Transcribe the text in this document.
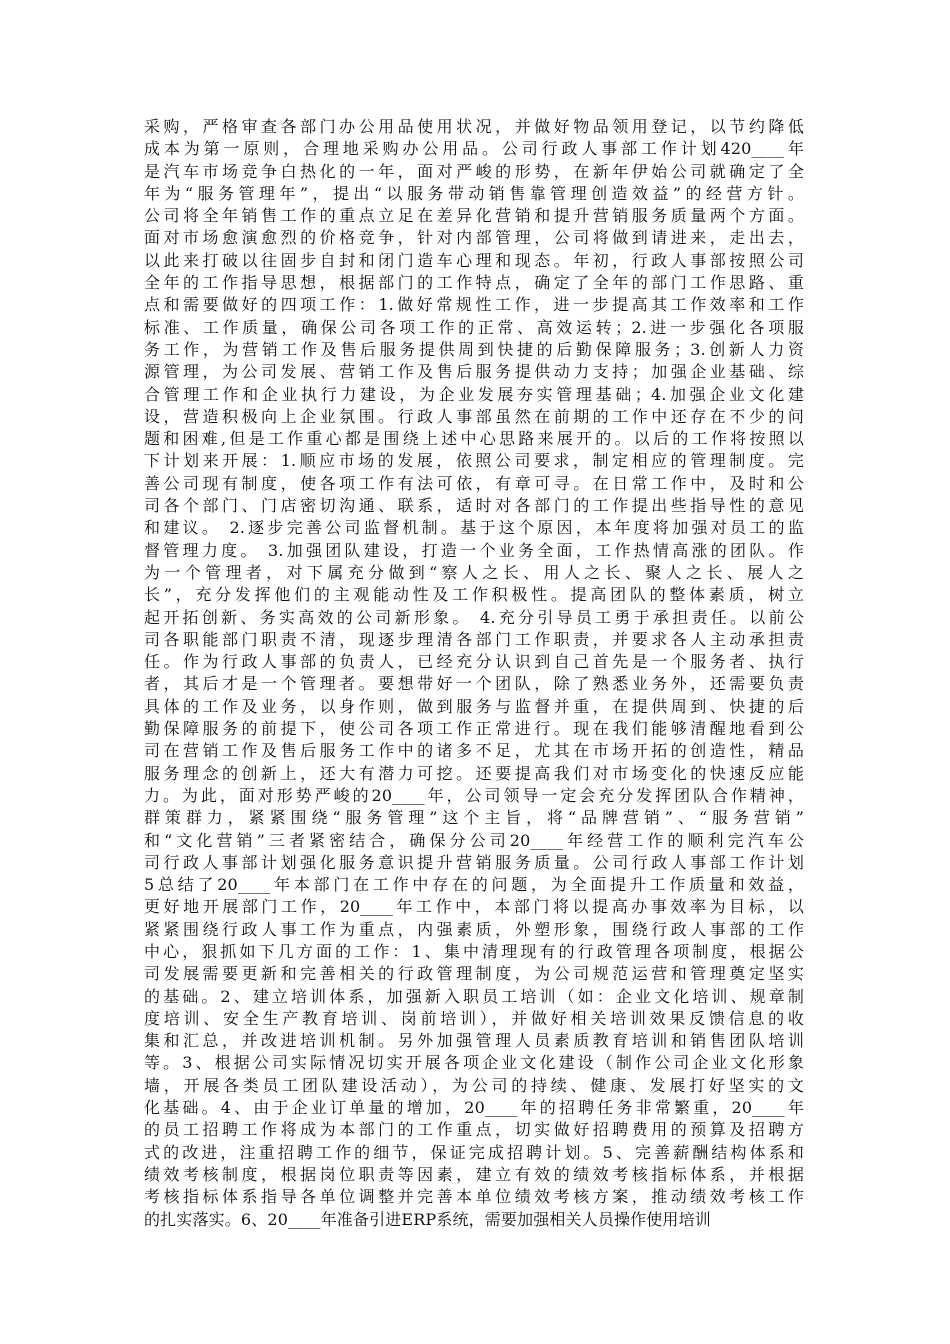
采购，严格审查各部门办公用品使用状况，并做好物品领用登记，以节约降低
成本为第一原则，合理地采购办公用品。公司行政人事部工作计划420____年
是汽车市场竞争白热化的一年，面对严峻的形势，在新年伊始公司就确定了全
年为“服务管理年”，提出“以服务带动销售靠管理创造效益”的经营方针。
公司将全年销售工作的重点立足在差异化营销和提升营销服务质量两个方面。
面对市场愈演愈烈的价格竞争，针对内部管理，公司将做到请进来，走出去，
以此来打破以往固步自封和闭门造车心理和现态。年初，行政人事部按照公司
全年的工作指导思想，根据部门的工作特点，确定了全年的部门工作思路、重
点和需要做好的四项工作：1.做好常规性工作，进一步提高其工作效率和工作
标准、工作质量，确保公司各项工作的正常、高效运转；2.进一步强化各项服
务工作，为营销工作及售后服务提供周到快捷的后勤保障服务；3.创新人力资
源管理，为公司发展、营销工作及售后服务提供动力支持；加强企业基础、综
合管理工作和企业执行力建设，为企业发展夯实管理基础；4.加强企业文化建
设，营造积极向上企业氛围。行政人事部虽然在前期的工作中还存在不少的问
题和困难,但是工作重心都是围绕上述中心思路来展开的。以后的工作将按照以
下计划来开展：1.顺应市场的发展，依照公司要求，制定相应的管理制度。完
善公司现有制度，使各项工作有法可依，有章可寻。在日常工作中，及时和公
司各个部门、门店密切沟通、联系，适时对各部门的工作提出些指导性的意见
和建议。 2.逐步完善公司监督机制。基于这个原因，本年度将加强对员工的监
督管理力度。 3.加强团队建设，打造一个业务全面，工作热情高涨的团队。作
为一个管理者，对下属充分做到“察人之长、用人之长、聚人之长、展人之
长”，充分发挥他们的主观能动性及工作积极性。提高团队的整体素质，树立
起开拓创新、务实高效的公司新形象。 4.充分引导员工勇于承担责任。以前公
司各职能部门职责不清，现逐步理清各部门工作职责，并要求各人主动承担责
任。作为行政人事部的负责人，已经充分认识到自己首先是一个服务者、执行
者，其后才是一个管理者。要想带好一个团队，除了熟悉业务外，还需要负责
具体的工作及业务，以身作则，做到服务与监督并重，在提供周到、快捷的后
勤保障服务的前提下，使公司各项工作正常进行。现在我们能够清醒地看到公
司在营销工作及售后服务工作中的诸多不足，尤其在市场开拓的创造性，精品
服务理念的创新上，还大有潜力可挖。还要提高我们对市场变化的快速反应能
力。为此，面对形势严峻的20____年，公司领导一定会充分发挥团队合作精神，
群策群力，紧紧围绕“服务管理”这个主旨，将“品牌营销”、“服务营销”
和“文化营销”三者紧密结合，确保分公司20____年经营工作的顺利完汽车公
司行政人事部计划强化服务意识提升营销服务质量。公司行政人事部工作计划
5总结了20____年本部门在工作中存在的问题，为全面提升工作质量和效益，
更好地开展部门工作，20____年工作中，本部门将以提高办事效率为目标，以
紧紧围绕行政人事工作为重点，内强素质，外塑形象，围绕行政人事部的工作
中心，狠抓如下几方面的工作：1、集中清理现有的行政管理各项制度，根据公
司发展需要更新和完善相关的行政管理制度，为公司规范运营和管理奠定坚实
的基础。2、建立培训体系，加强新入职员工培训（如：企业文化培训、规章制
度培训、安全生产教育培训、岗前培训），并做好相关培训效果反馈信息的收
集和汇总，并改进培训机制。另外加强管理人员素质教育培训和销售团队培训
等。3、根据公司实际情况切实开展各项企业文化建设（制作公司企业文化形象
墙，开展各类员工团队建设活动），为公司的持续、健康、发展打好坚实的文
化基础。4、由于企业订单量的增加，20____年的招聘任务非常繁重，20____年
的员工招聘工作将成为本部门的工作重点，切实做好招聘费用的预算及招聘方
式的改进，注重招聘工作的细节，保证完成招聘计划。5、完善薪酬结构体系和
绩效考核制度，根据岗位职责等因素，建立有效的绩效考核指标体系，并根据
考核指标体系指导各单位调整并完善本单位绩效考核方案，推动绩效考核工作
的扎实落实。6、20____年准备引进ERP系统，需要加强相关人员操作使用培训
